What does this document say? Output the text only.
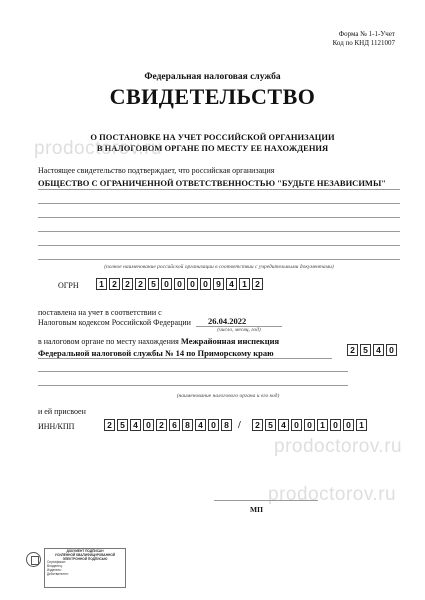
Форма № 1-1-Учет
Код по КНД 1121007
Федеральная налоговая служба
СВИДЕТЕЛЬСТВО
О ПОСТАНОВКЕ НА УЧЕТ РОССИЙСКОЙ ОРГАНИЗАЦИИ
В НАЛОГОВОМ ОРГАНЕ ПО МЕСТУ ЕЕ НАХОЖДЕНИЯ
prodoctorov.ru
prodoctorov.ru
prodoctorov.ru
Настоящее свидетельство подтверждает, что российская организация
ОБЩЕСТВО С ОГРАНИЧЕННОЙ ОТВЕТСТВЕННОСТЬЮ "БУДЬТЕ НЕЗАВИСИМЫ"
(полное наименование российской организации в соответствии с учредительными документами)
ОГРН	1 2 2 2 5 0 0 0 0 9 4 1 2
поставлена на учет в соответствии с
Налоговым кодексом Российской Федерации 26.04.2022
(число, месяц, год)
в налоговом органе по месту нахождения Межрайонная инспекция
Федеральной налоговой службы № 14 по Приморскому краю	2 5 4 0
(наименование налогового органа и его код)
и ей присвоен
ИНН/КПП	2 5 4 0 2 6 8 4 0 8 /	2 5 4 0 0 1 0 0 1
МП
ДОКУМЕНТ ПОДПИСАН
УСИЛЕННОЙ КВАЛИФИЦИРОВАННОЙ
ЭЛЕКТРОННОЙ ПОДПИСЬЮ
Сертификат:
Владелец:
Издатель:
Действителен:
